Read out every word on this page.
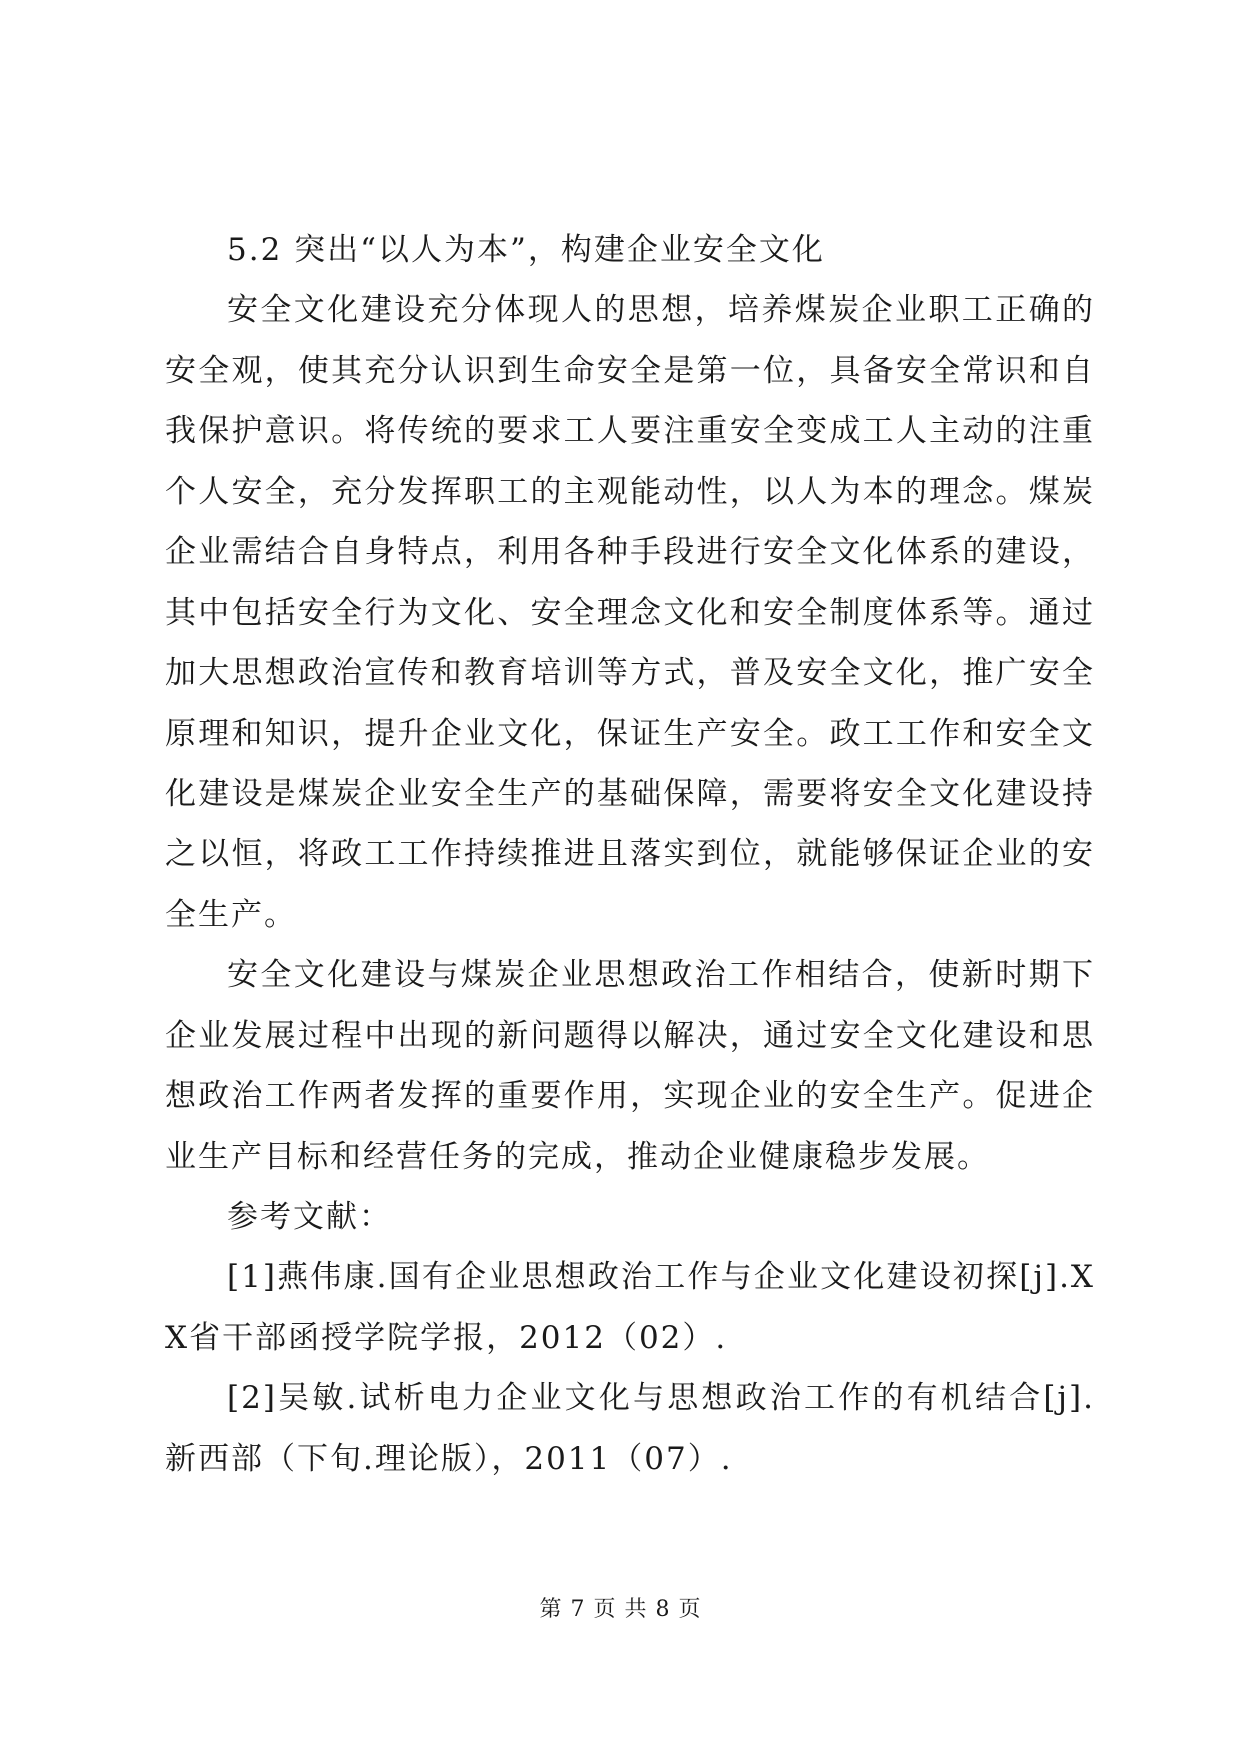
5.2 突出“以人为本”，构建企业安全文化

安全文化建设充分体现人的思想，培养煤炭企业职工正确的安全观，使其充分认识到生命安全是第一位，具备安全常识和自我保护意识。将传统的要求工人要注重安全变成工人主动的注重个人安全，充分发挥职工的主观能动性，以人为本的理念。煤炭企业需结合自身特点，利用各种手段进行安全文化体系的建设，其中包括安全行为文化、安全理念文化和安全制度体系等。通过加大思想政治宣传和教育培训等方式，普及安全文化，推广安全原理和知识，提升企业文化，保证生产安全。政工工作和安全文化建设是煤炭企业安全生产的基础保障，需要将安全文化建设持之以恒，将政工工作持续推进且落实到位，就能够保证企业的安全生产。

安全文化建设与煤炭企业思想政治工作相结合，使新时期下企业发展过程中出现的新问题得以解决，通过安全文化建设和思想政治工作两者发挥的重要作用，实现企业的安全生产。促进企业生产目标和经营任务的完成，推动企业健康稳步发展。

参考文献：

[1]燕伟康.国有企业思想政治工作与企业文化建设初探[j].XX省干部函授学院学报，2012（02）.

[2]吴敏.试析电力企业文化与思想政治工作的有机结合[j].新西部（下旬.理论版），2011（07）.

第 7 页 共 8 页
